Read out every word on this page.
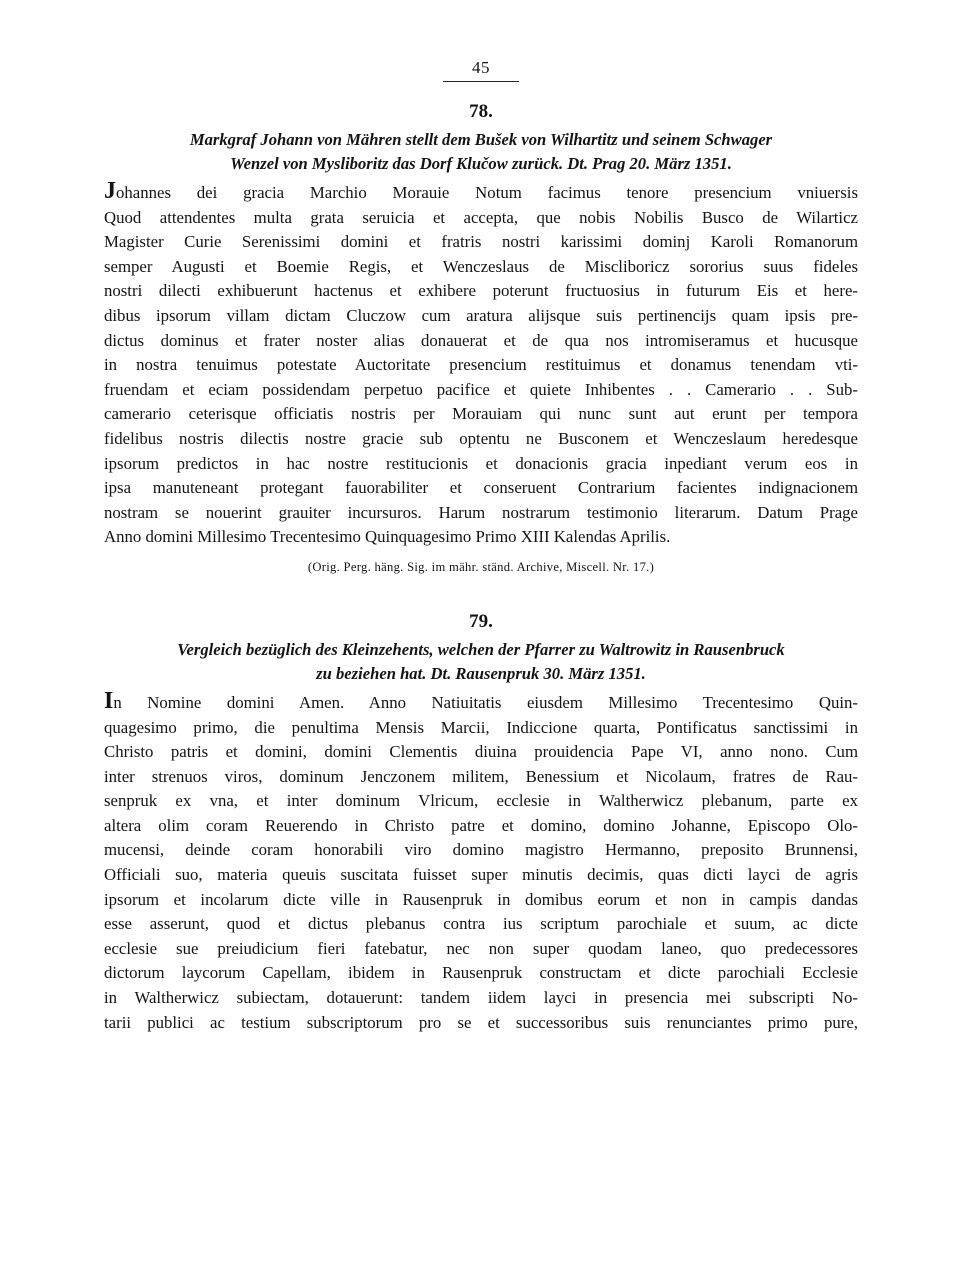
45
78.
Markgraf Johann von Mähren stellt dem Bušek von Wilhartitz und seinem Schwager
Wenzel von Mysliboritz das Dorf Klučow zurück. Dt. Prag 20. März 1351.
Johannes dei gracia Marchio Morauie Notum facimus tenore presencium vniuersis
Quod attendentes multa grata seruicia et accepta, que nobis Nobilis Busco de Wilarticz
Magister Curie Serenissimi domini et fratris nostri karissimi dominj Karoli Romanorum
semper Augusti et Boemie Regis, et Wenczeslaus de Miscliboricz sororius suus fideles
nostri dilecti exhibuerunt hactenus et exhibere poterunt fructuosius in futurum Eis et here-
dibus ipsorum villam dictam Cluczow cum aratura alijsque suis pertinencijs quam ipsis pre-
dictus dominus et frater noster alias donauerat et de qua nos intromiseramus et hucusque
in nostra tenuimus potestate Auctoritate presencium restituimus et donamus tenendam vti-
fruendam et eciam possidendam perpetuo pacifice et quiete Inhibentes . . Camerario . . Sub-
camerario ceterisque officiatis nostris per Morauiam qui nunc sunt aut erunt per tempora
fidelibus nostris dilectis nostre gracie sub optentu ne Busconem et Wenczeslaum heredesque
ipsorum predictos in hac nostre restitucionis et donacionis gracia inpediant verum eos in
ipsa manuteneant protegant fauorabiliter et conseruent Contrarium facientes indignacionem
nostram se nouerint grauiter incursuros. Harum nostrarum testimonio literarum. Datum Prage
Anno domini Millesimo Trecentesimo Quinquagesimo Primo XIII Kalendas Aprilis.
(Orig. Perg. häng. Sig. im mähr. ständ. Archive, Miscell. Nr. 17.)
79.
Vergleich bezüglich des Kleinzehents, welchen der Pfarrer zu Waltrowitz in Rausenbruck
zu beziehen hat. Dt. Rausenpruk 30. März 1351.
In Nomine domini Amen. Anno Natiuitatis eiusdem Millesimo Trecentesimo Quin-
quagesimo primo, die penultima Mensis Marcii, Indiccione quarta, Pontificatus sanctissimi in
Christo patris et domini, domini Clementis diuina prouidencia Pape VI, anno nono. Cum
inter strenuos viros, dominum Jenczonem militem, Benessium et Nicolaum, fratres de Rau-
senpruk ex vna, et inter dominum Vlricum, ecclesie in Waltherwicz plebanum, parte ex
altera olim coram Reuerendo in Christo patre et domino, domino Johanne, Episcopo Olo-
mucensi, deinde coram honorabili viro domino magistro Hermanno, preposito Brunnensi,
Officiali suo, materia queuis suscitata fuisset super minutis decimis, quas dicti layci de agris
ipsorum et incolarum dicte ville in Rausenpruk in domibus eorum et non in campis dandas
esse asserunt, quod et dictus plebanus contra ius scriptum parochiale et suum, ac dicte
ecclesie sue preiudicium fieri fatebatur, nec non super quodam laneo, quo predecessores
dictorum laycorum Capellam, ibidem in Rausenpruk constructam et dicte parochiali Ecclesie
in Waltherwicz subiectam, dotauerunt: tandem iidem layci in presencia mei subscripti No-
tarii publici ac testium subscriptorum pro se et successoribus suis renunciantes primo pure,
